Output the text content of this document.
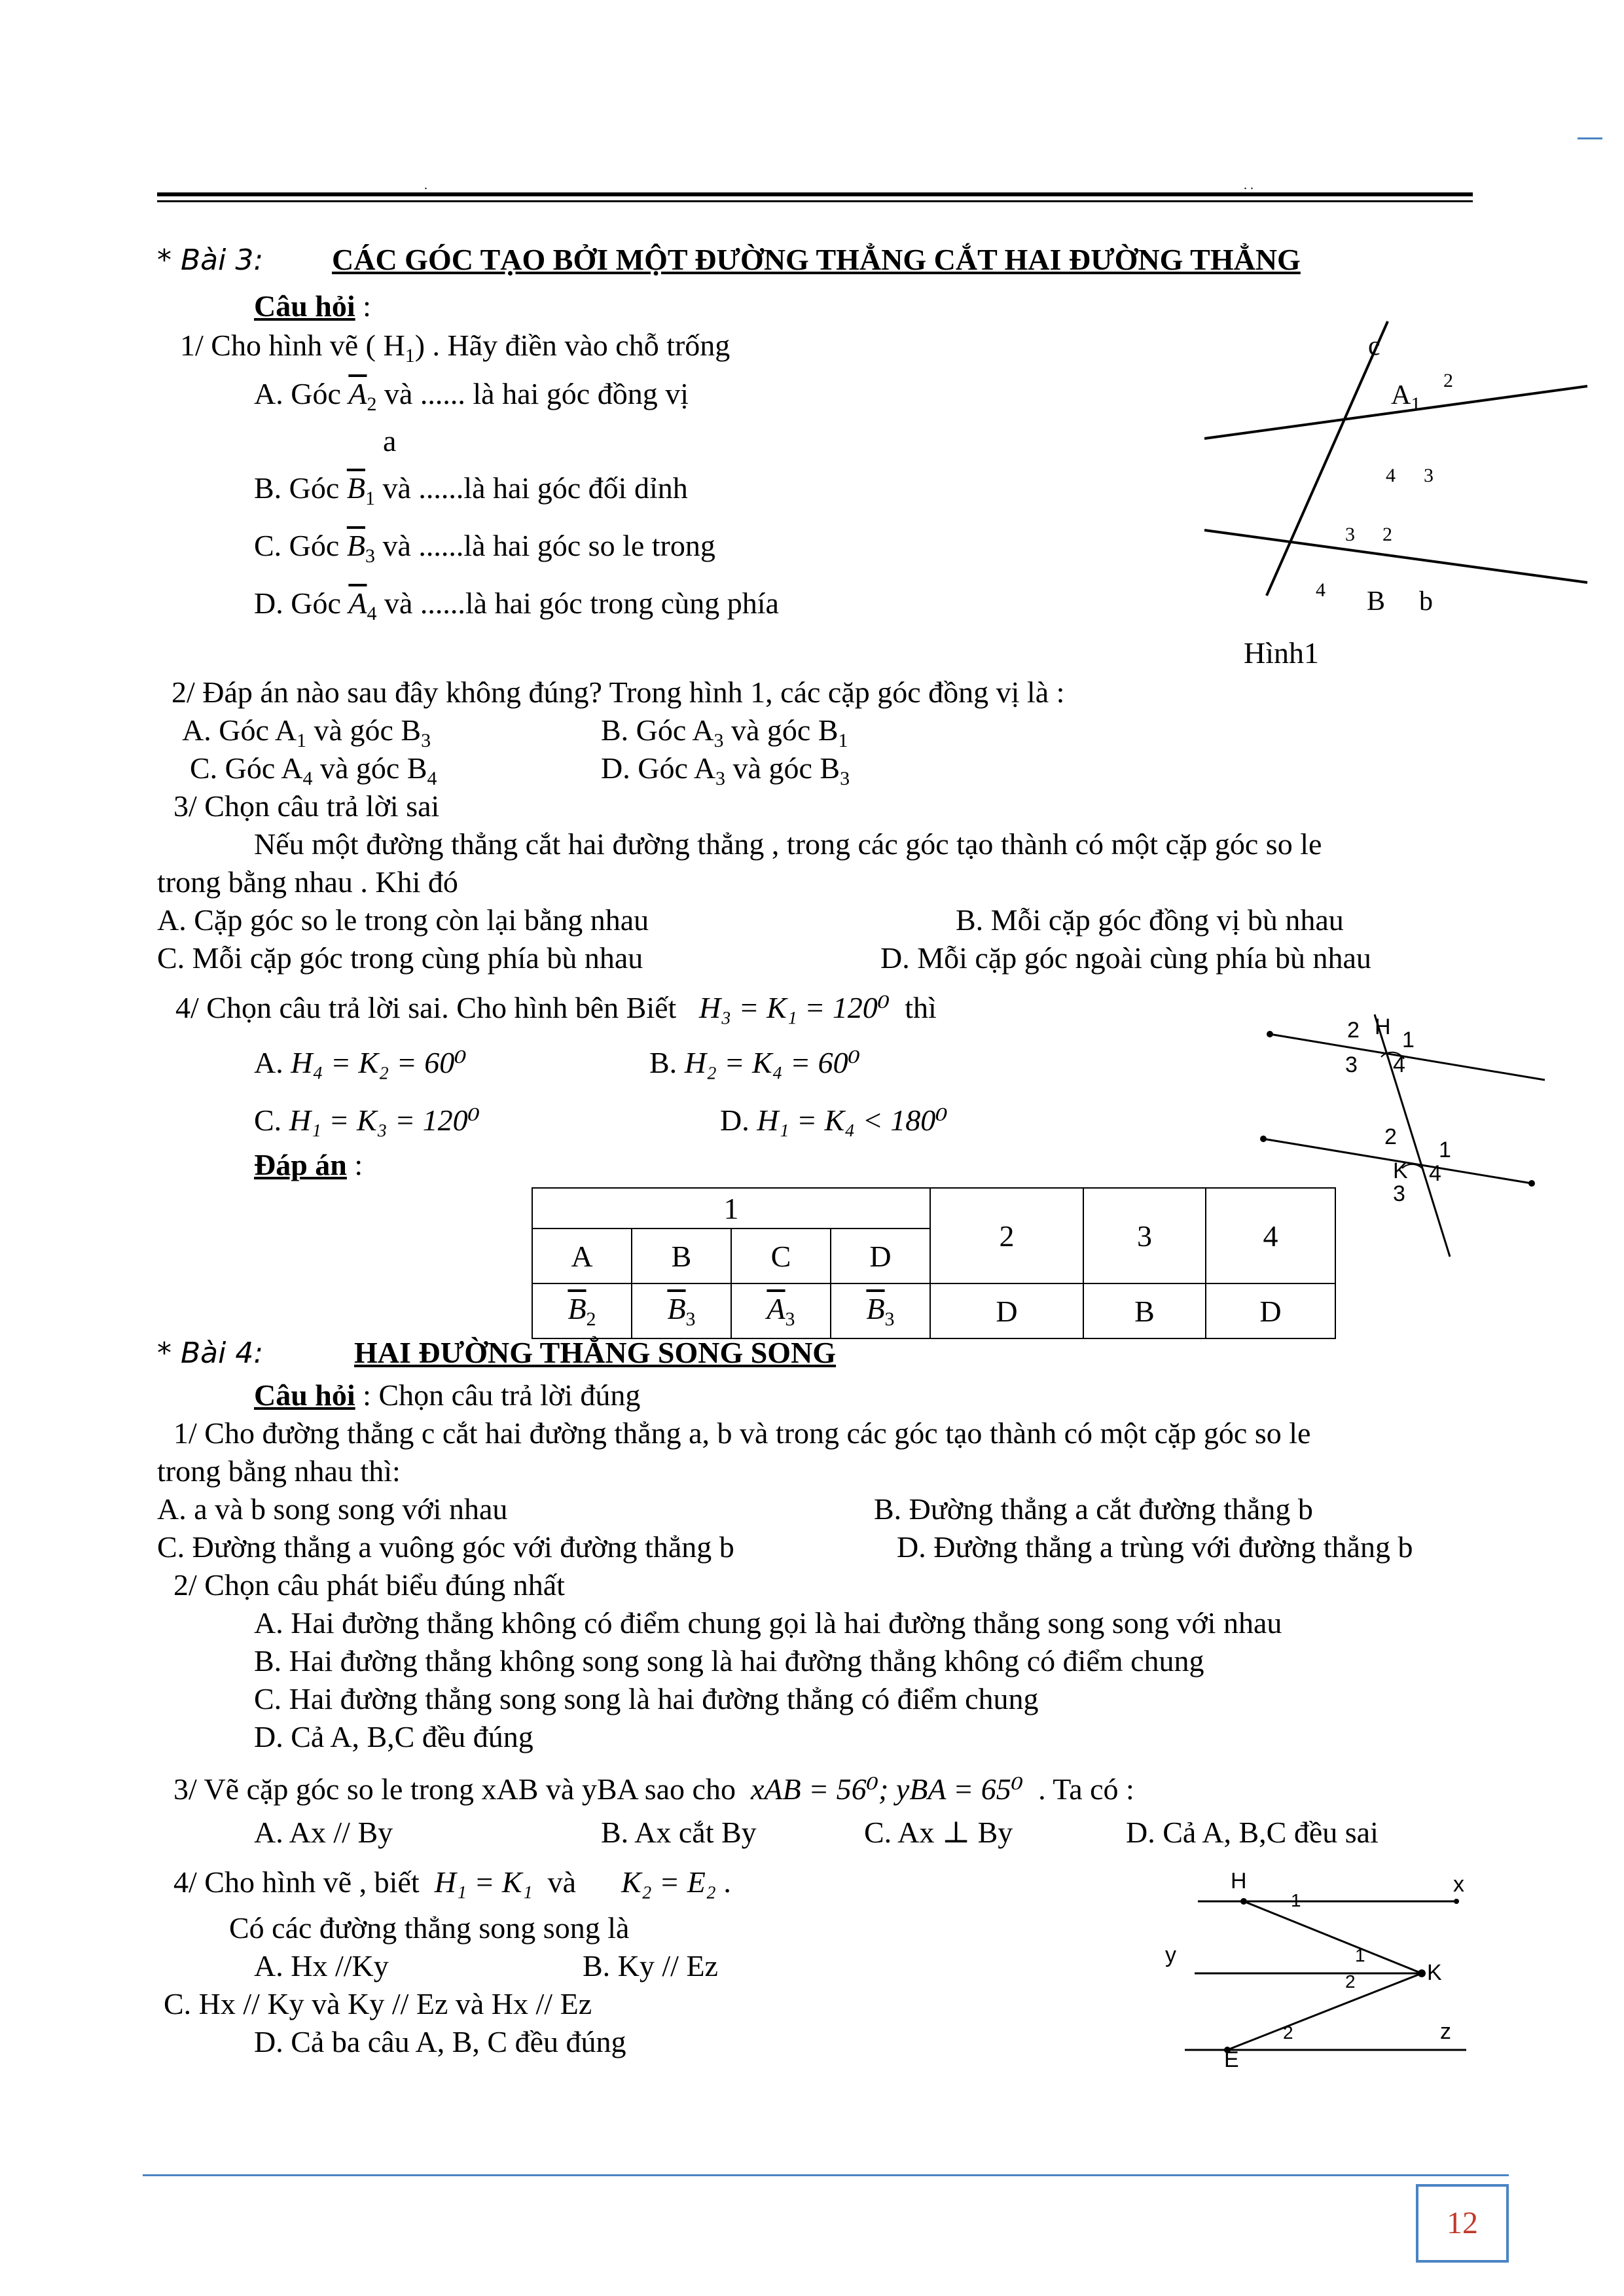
.	. .
* Bài 3: CÁC GÓC TẠO BỞI MỘT ĐƯỜNG THẲNG CẮT HAI ĐƯỜNG THẲNG
Câu hỏi :
1/ Cho hình vẽ ( $H_1$) . Hãy điền vào chỗ trống
A. Góc $\overline{A}_2$ và ...... là hai góc đồng vị
a
B. Góc $\overline{B}_1$ và ......là hai góc đối dỉnh
C. Góc $\overline{B}_3$ và ......là hai góc so le trong
D. Góc $\overline{A}_4$ và ......là hai góc trong cùng phía
c
$A_1$
2
4 3
3 2
4 B b
Hình1
2/ Đáp án nào sau đây không đúng? Trong hình 1, các cặp góc đồng vị là :
A. Góc $A_1$ và góc $B_3$	B. Góc $A_3$ và góc $B_1$
C. Góc $A_4$ và góc $B_4$	D. Góc $A_3$ và góc $B_3$
3/ Chọn câu trả lời sai
Nếu một đường thẳng cắt hai đường thẳng , trong các góc tạo thành có một cặp góc so le
trong bằng nhau . Khi đó
A. Cặp góc so le trong còn lại bằng nhau	B. Mỗi cặp góc đồng vị bù nhau
C. Mỗi cặp góc trong cùng phía bù nhau	D. Mỗi cặp góc ngoài cùng phía bù nhau
4/ Chọn câu trả lời sai. Cho hình bên Biết H₃ = K₁ = 120⁰ thì
A. H₄ = K₂ = 60⁰	B. H₂ = K₄ = 60⁰
C. H₁ = K₃ = 120⁰	D. H₁ = K₄ < 180⁰
2 H
1
3 4
2
1
K 4
3
Đáp án :
1				2	3	4
A	B	C	D			
$\overline{B}_2$	$\overline{B}_3$	$\overline{A}_3$	$\overline{B}_3$	D	B	D
* Bài 4:	HAI ĐƯỜNG THẲNG SONG SONG
Câu hỏi : Chọn câu trả lời đúng
1/ Cho đường thẳng c cắt hai đường thẳng a, b và trong các góc tạo thành có một cặp góc so le
trong bằng nhau thì:
A. a và b song song với nhau	B. Đường thẳng a cắt đường thẳng b
C. Đường thẳng a vuông góc với đường thẳng b	D. Đường thẳng a trùng với đường thẳng b
2/ Chọn câu phát biểu đúng nhất
A. Hai đường thẳng không có điểm chung gọi là hai đường thẳng song song với nhau
B. Hai đường thẳng không song song là hai đường thẳng không có điểm chung
C. Hai đường thẳng song song là hai đường thẳng có điểm chung
D. Cả A, B,C đều đúng
3/ Vẽ cặp góc so le trong xAB và yBA sao cho xAB = 56⁰; yBA = 65⁰ . Ta có :
A. Ax // By	B. Ax cắt By	C. Ax ⊥ By	D. Cả A, B,C đều sai
4/ Cho hình vẽ , biết H₁ = K₁ và K₂ = E₂ .
Có các đường thẳng song song là
A. Hx //Ky	B. Ky // Ez
C. Hx // Ky và Ky // Ez và Hx // Ez
D. Cả ba câu A, B, C đều đúng
H	x
y
K
E
z
1
1
2
2
12
